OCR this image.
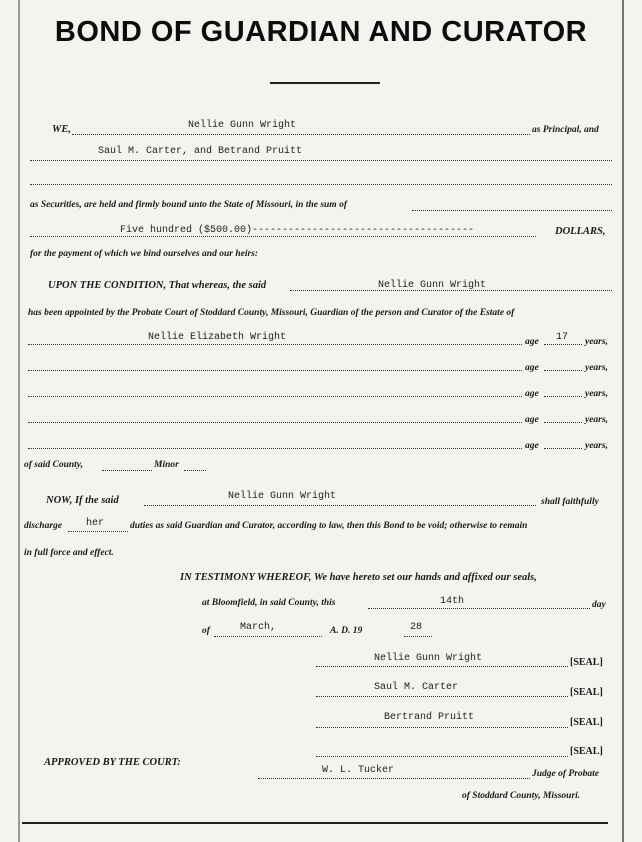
BOND OF GUARDIAN AND CURATOR
WE,	Nellie Gunn Wright	as Principal, and
Saul M. Carter, and Betrand Pruitt
as Securities, are held and firmly bound unto the State of Missouri, in the sum of
Five hundred ($500.00)-------------------------------------	DOLLARS,
for the payment of which we bind ourselves and our heirs:
UPON THE CONDITION, That whereas, the said	Nellie Gunn Wright
has been appointed by the Probate Court of Stoddard County, Missouri, Guardian of the person and Curator of the Estate of
Nellie Elizabeth Wright	age 17 years,
age	years,
age	years,
age	years,
age	years,
of said County,	Minor
NOW, If the said	Nellie Gunn Wright	shall faithfully
discharge her	duties as said Guardian and Curator, according to law, then this Bond to be void; otherwise to remain
in full force and effect.
IN TESTIMONY WHEREOF, We have hereto set our hands and affixed our seals,
at Bloomfield, in said County, this	14th	day
of	March,	A. D. 19	28
Nellie Gunn Wright	[SEAL]
Saul M. Carter	[SEAL]
Bertrand Pruitt	[SEAL]
[SEAL]
APPROVED BY THE COURT:
W. L. Tucker	Judge of Probate
of Stoddard County, Missouri.
